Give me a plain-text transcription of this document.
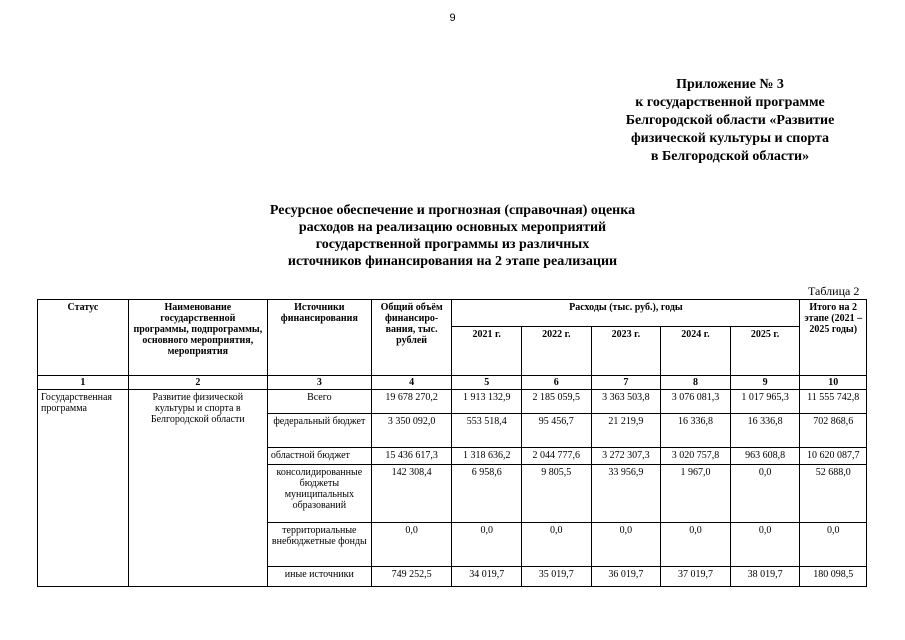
9
Приложение № 3
к государственной программе
Белгородской области «Развитие
физической культуры и спорта
в Белгородской области»
Ресурсное обеспечение и прогнозная (справочная) оценка
расходов на реализацию основных мероприятий
государственной программы из различных
источников финансирования на 2 этапе реализации
Таблица 2
Статус	Наименование государственной программы, подпрограммы, основного мероприятия, мероприятия	Источники финансирования	Общий объём финансиро-вания, тыс. рублей	Расходы (тыс. руб.), годы					Итого на 2 этапе (2021 – 2025 годы)
				2021 г.	2022 г.	2023 г.	2024 г.	2025 г.	
1	2	3	4	5	6	7	8	9	10
Государственная программа	Развитие физической культуры и спорта в Белгородской области	Всего	19 678 270,2	1 913 132,9	2 185 059,5	3 363 503,8	3 076 081,3	1 017 965,3	11 555 742,8
		федеральный бюджет	3 350 092,0	553 518,4	95 456,7	21 219,9	16 336,8	16 336,8	702 868,6
		областной бюджет	15 436 617,3	1 318 636,2	2 044 777,6	3 272 307,3	3 020 757,8	963 608,8	10 620 087,7
		консолидированные бюджеты муниципальных образований	142 308,4	6 958,6	9 805,5	33 956,9	1 967,0	0,0	52 688,0
		территориальные внебюджетные фонды	0,0	0,0	0,0	0,0	0,0	0,0	0,0
		иные источники	749 252,5	34 019,7	35 019,7	36 019,7	37 019,7	38 019,7	180 098,5
